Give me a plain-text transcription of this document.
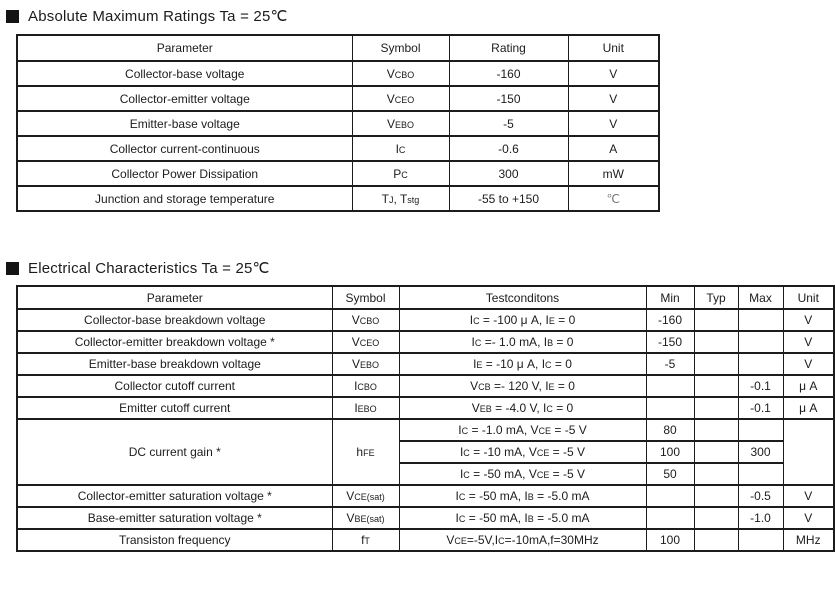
Absolute Maximum Ratings Ta = 25℃
Parameter	Symbol	Rating	Unit
Collector-base voltage	VCBO	-160	V
Collector-emitter voltage	VCEO	-150	V
Emitter-base voltage	VEBO	-5	V
Collector current-continuous	IC	-0.6	A
Collector Power Dissipation	PC	300	mW
Junction and storage temperature	TJ, Tstg	-55 to +150	℃
Electrical Characteristics Ta = 25℃
Parameter	Symbol	Testconditons	Min	Typ	Max	Unit
Collector-base breakdown voltage	VCBO	IC = -100 μ A, IE = 0	-160			V
Collector-emitter breakdown voltage *	VCEO	IC =- 1.0 mA, IB = 0	-150			V
Emitter-base breakdown voltage	VEBO	IE = -10 μ A, IC = 0	-5			V
Collector cutoff current	ICBO	VCB =- 120 V, IE = 0			-0.1	μ A
Emitter cutoff current	IEBO	VEB = -4.0 V, IC = 0			-0.1	μ A
DC current gain *	hFE	IC = -1.0 mA, VCE = -5 V	80			
		IC = -10 mA, VCE = -5 V	100		300	
		IC = -50 mA, VCE = -5 V	50			
Collector-emitter saturation voltage *	VCE(sat)	IC = -50 mA, IB = -5.0 mA			-0.5	V
Base-emitter saturation voltage *	VBE(sat)	IC = -50 mA, IB = -5.0 mA			-1.0	V
Transiston frequency	fT	VCE=-5V,IC=-10mA,f=30MHz	100			MHz
